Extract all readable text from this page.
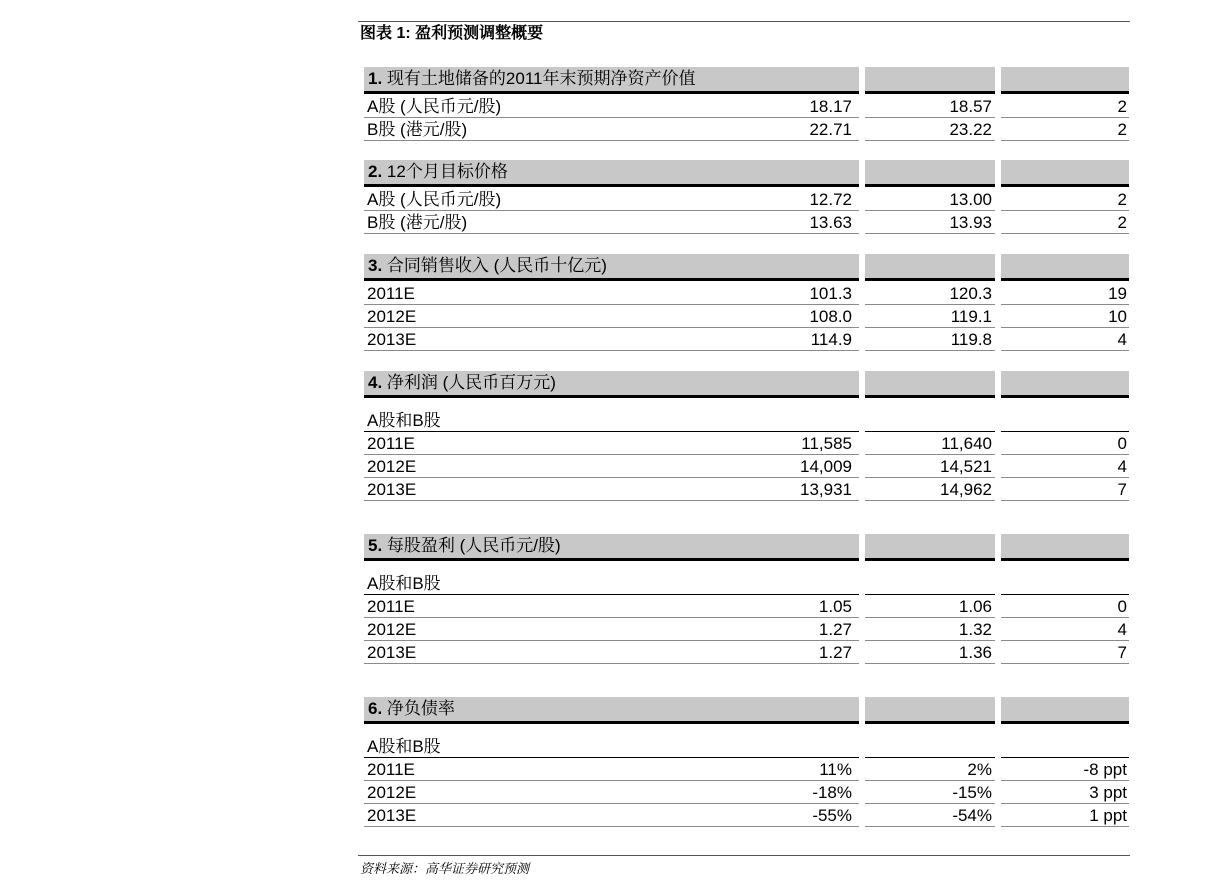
图表 1: 盈利预测调整概要
1. 现有土地储备的2011年末预期净资产价值
A股 (人民币元/股)	18.17	18.57	2
B股 (港元/股)	22.71	23.22	2
2. 12个月目标价格
A股 (人民币元/股)	12.72	13.00	2
B股 (港元/股)	13.63	13.93	2
3. 合同销售收入 (人民币十亿元)
2011E	101.3	120.3	19
2012E	108.0	119.1	10
2013E	114.9	119.8	4
4. 净利润 (人民币百万元)
A股和B股
2011E	11,585	11,640	0
2012E	14,009	14,521	4
2013E	13,931	14,962	7
5. 每股盈利 (人民币元/股)
A股和B股
2011E	1.05	1.06	0
2012E	1.27	1.32	4
2013E	1.27	1.36	7
6. 净负债率
A股和B股
2011E	11%	2%	-8 ppt
2012E	-18%	-15%	3 ppt
2013E	-55%	-54%	1 ppt
资料来源：高华证券研究预测
